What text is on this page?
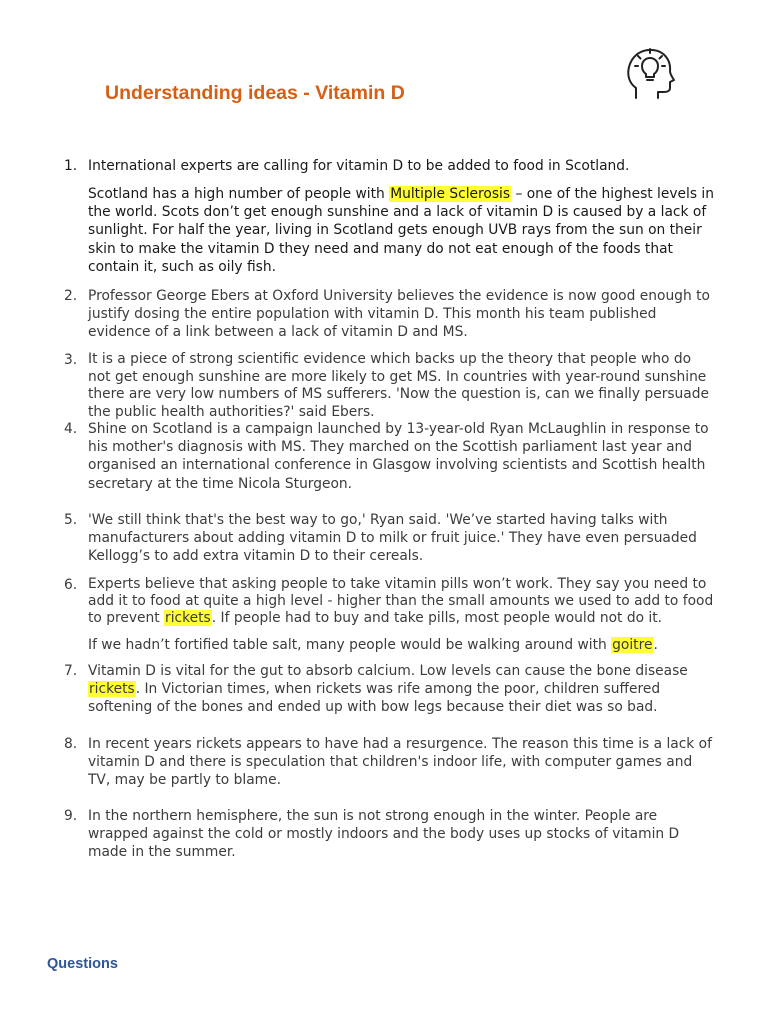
Understanding ideas - Vitamin D
1. International experts are calling for vitamin D to be added to food in Scotland.

Scotland has a high number of people with Multiple Sclerosis – one of the highest levels in the world. Scots don’t get enough sunshine and a lack of vitamin D is caused by a lack of sunlight. For half the year, living in Scotland gets enough UVB rays from the sun on their skin to make the vitamin D they need and many do not eat enough of the foods that contain it, such as oily fish.

2. Professor George Ebers at Oxford University believes the evidence is now good enough to justify dosing the entire population with vitamin D. This month his team published evidence of a link between a lack of vitamin D and MS.

3. It is a piece of strong scientific evidence which backs up the theory that people who do not get enough sunshine are more likely to get MS. In countries with year-round sunshine there are very low numbers of MS sufferers. 'Now the question is, can we finally persuade the public health authorities?' said Ebers.

4. Shine on Scotland is a campaign launched by 13-year-old Ryan McLaughlin in response to his mother's diagnosis with MS. They marched on the Scottish parliament last year and organised an international conference in Glasgow involving scientists and Scottish health secretary at the time Nicola Sturgeon.

5. 'We still think that's the best way to go,' Ryan said. 'We’ve started having talks with manufacturers about adding vitamin D to milk or fruit juice.' They have even persuaded Kellogg’s to add extra vitamin D to their cereals.

6. Experts believe that asking people to take vitamin pills won’t work. They say you need to add it to food at quite a high level - higher than the small amounts we used to add to food to prevent rickets. If people had to buy and take pills, most people would not do it.

If we hadn’t fortified table salt, many people would be walking around with goitre.

7. Vitamin D is vital for the gut to absorb calcium. Low levels can cause the bone disease rickets. In Victorian times, when rickets was rife among the poor, children suffered softening of the bones and ended up with bow legs because their diet was so bad.

8. In recent years rickets appears to have had a resurgence. The reason this time is a lack of vitamin D and there is speculation that children's indoor life, with computer games and TV, may be partly to blame.

9. In the northern hemisphere, the sun is not strong enough in the winter. People are wrapped against the cold or mostly indoors and the body uses up stocks of vitamin D made in the summer.

Questions
